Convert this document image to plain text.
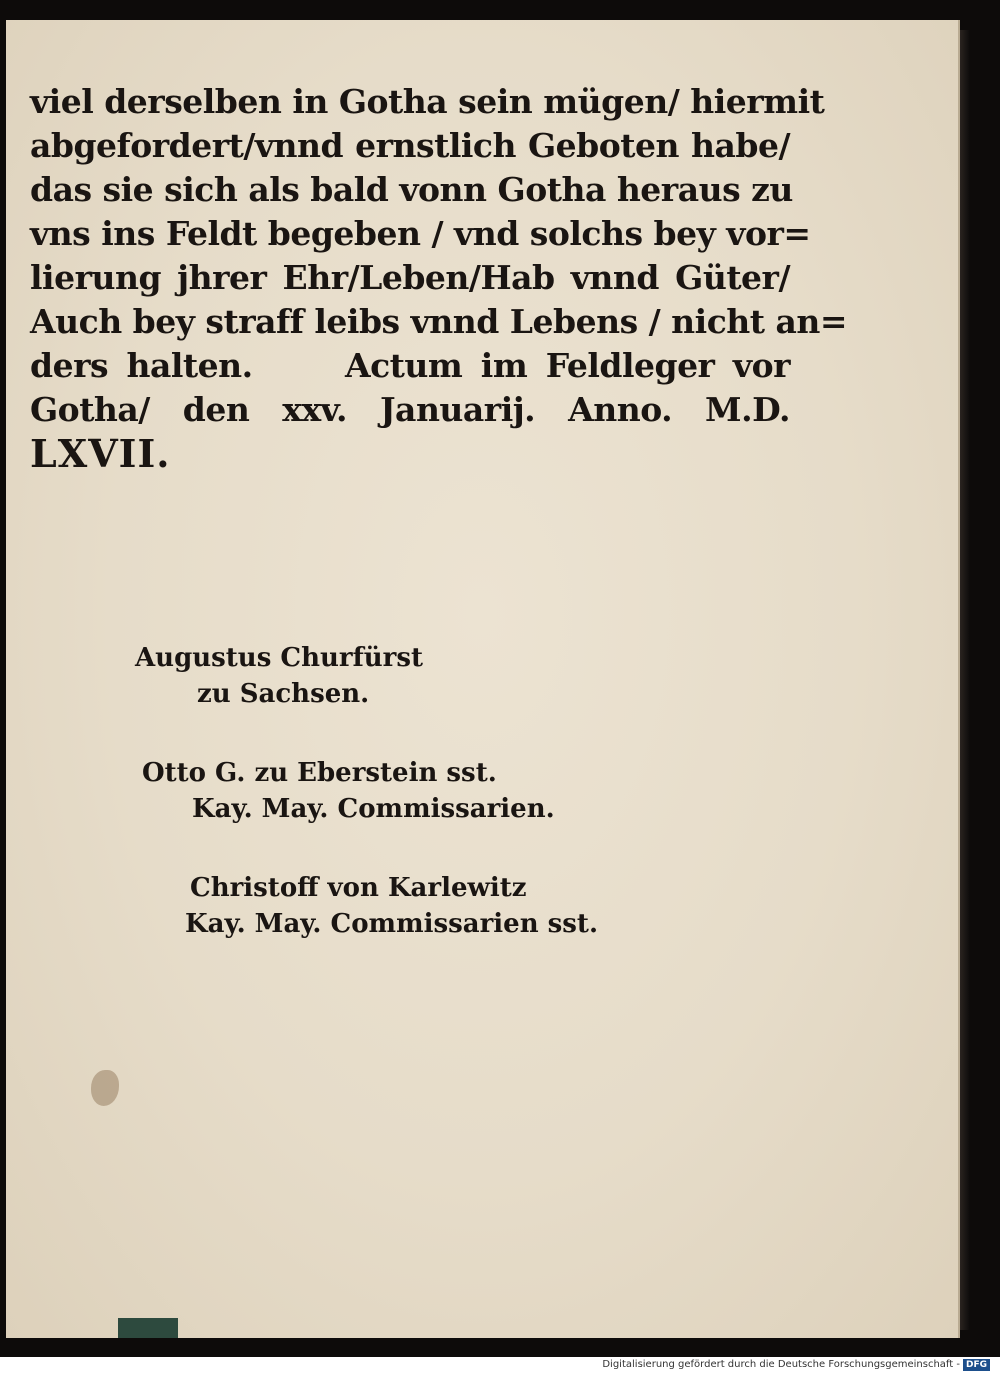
viel derselben in Gotha sein mügen/ hiermit
abgefordert/vnnd ernstlich Geboten habe/
das sie sich als bald vonn Gotha heraus zu
vns ins Feldt begeben / vnd solchs bey vor=
lierung jhrer Ehr/Leben/Hab vnnd Güter/
Auch bey straff leibs vnnd Lebens / nicht an=
ders halten.     Actum im Feldleger vor
Gotha/ den xxv. Januarij. Anno. M.D.
LXVII.
Augustus Churfürst
zu Sachsen.
Otto G. zu Eberstein sst.
Kay. May. Commissarien.
Christoff von Karlewitz
Kay. May. Commissarien sst.
Digitalisierung gefördert durch die Deutsche Forschungsgemeinschaft - DFG
